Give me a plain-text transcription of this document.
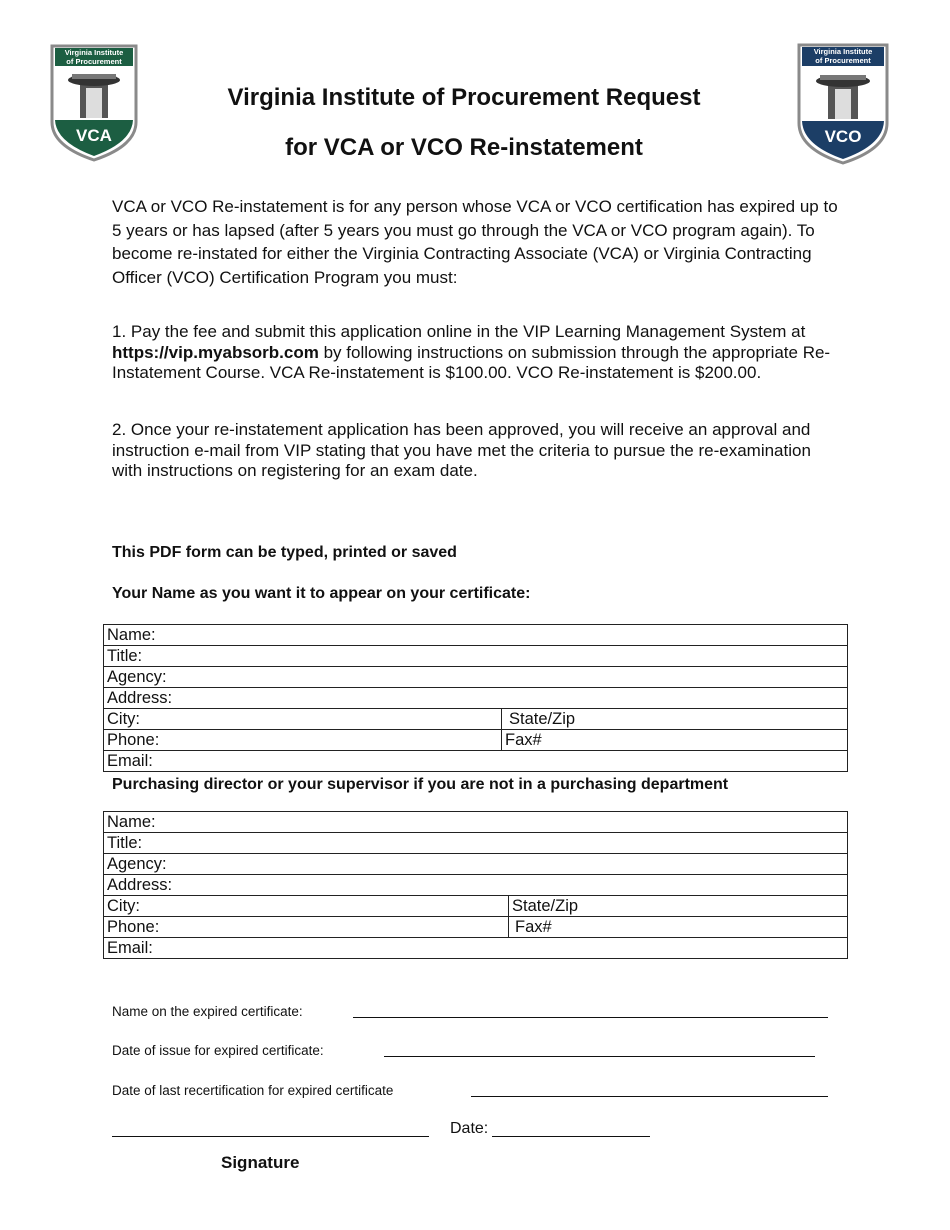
Virginia Institute
of Procurement
VCA
Virginia Institute
of Procurement
VCO
Virginia Institute of Procurement Request
for VCA or VCO Re-instatement
VCA or VCO Re-instatement is for any person whose VCA or VCO certification has expired up to 5 years or has lapsed (after 5 years you must go through the VCA or VCO program again). To become re-instated for either the Virginia Contracting Associate (VCA) or Virginia Contracting Officer (VCO) Certification Program you must:
1. Pay the fee and submit this application online in the VIP Learning Management System at https://vip.myabsorb.com by following instructions on submission through the appropriate Re-Instatement Course. VCA Re-instatement is $100.00. VCO Re-instatement is $200.00.
2. Once your re-instatement application has been approved, you will receive an approval and instruction e-mail from VIP stating that you have met the criteria to pursue the re-examination with instructions on registering for an exam date.
This PDF form can be typed, printed or saved
Your Name as you want it to appear on your certificate:
Name:	
Title:	
Agency:	
Address:	
City:	State/Zip
Phone:	Fax#
Email:	
Purchasing director or your supervisor if you are not in a purchasing department
Name:	
Title:	
Agency:	
Address:	
City:	State/Zip
Phone:	Fax#
Email:	
Name on the expired certificate:
Date of issue for expired certificate:
Date of last recertification for expired certificate
Date:
Signature
